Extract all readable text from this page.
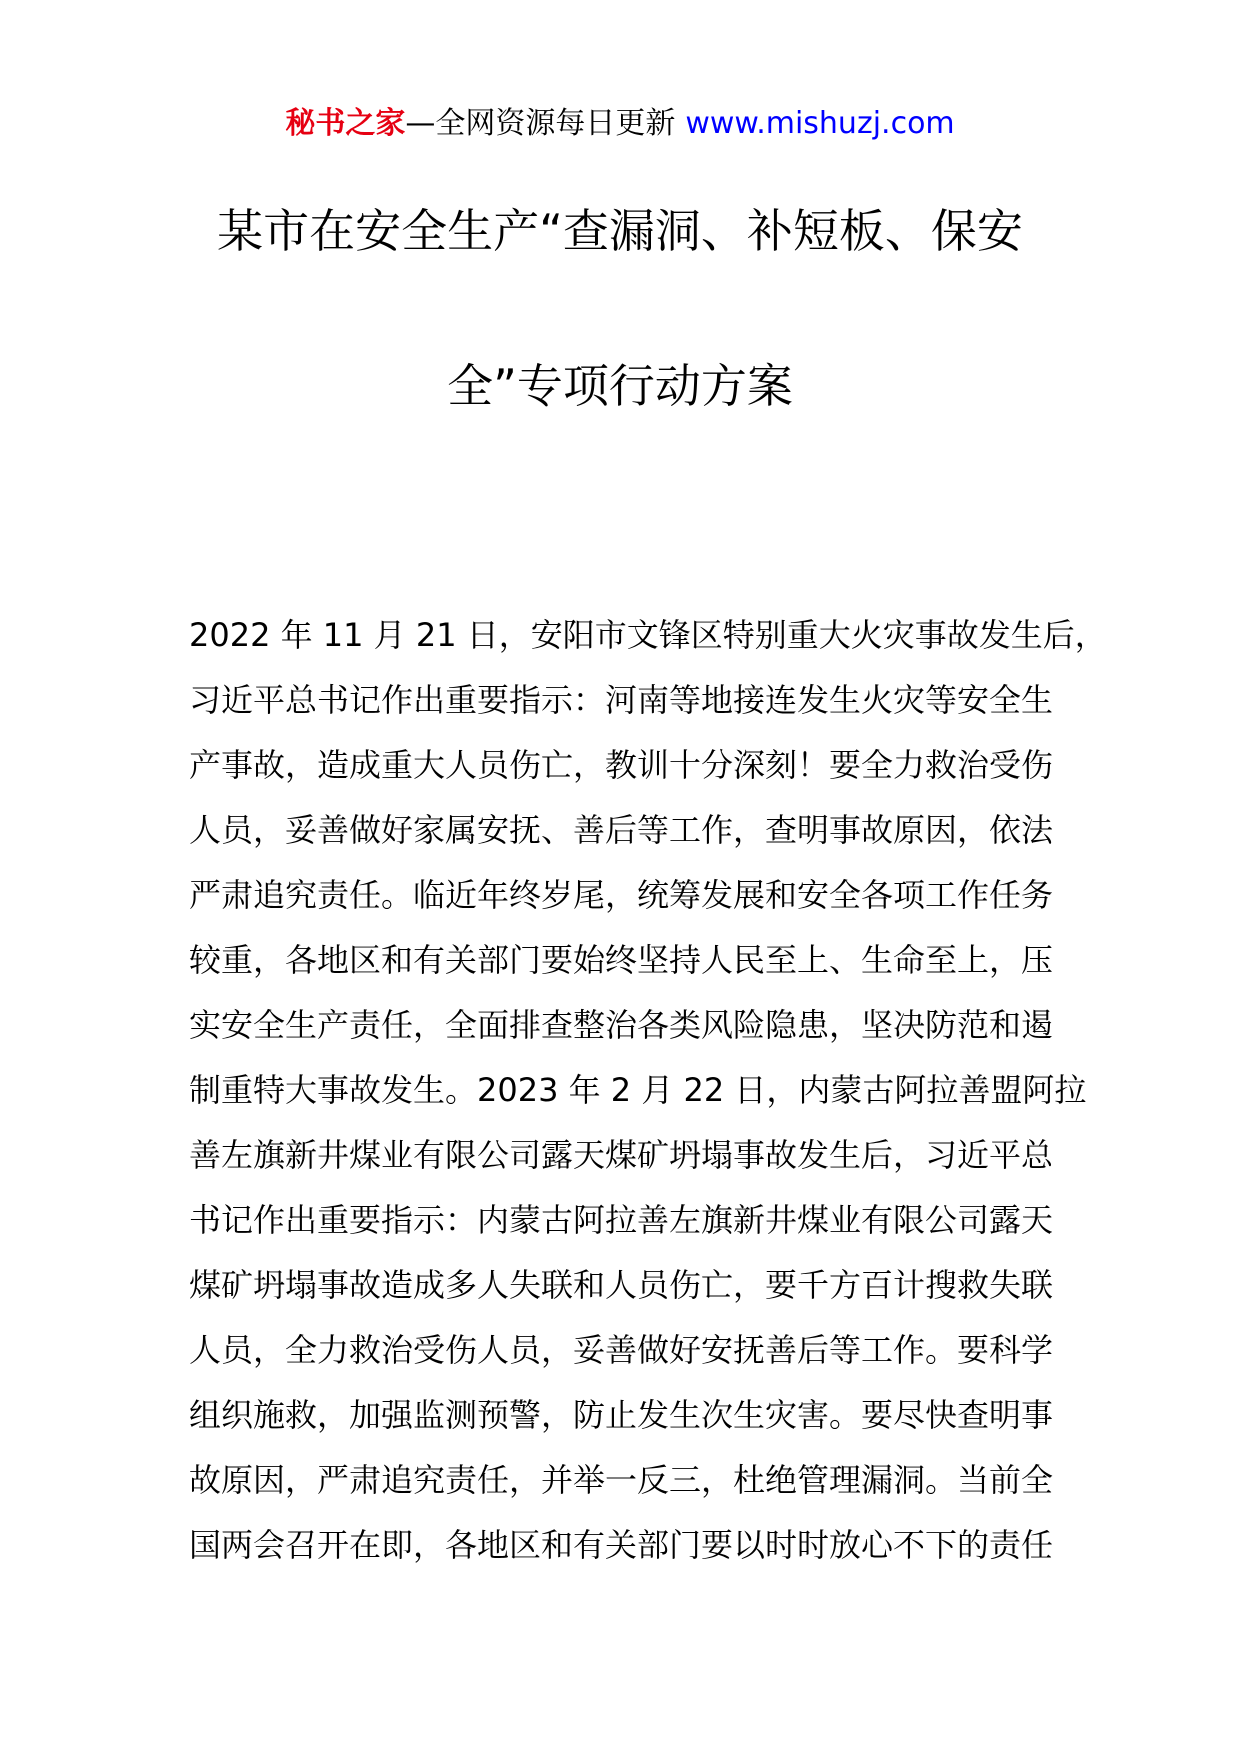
秘书之家—全网资源每日更新 www.mishuzj.com
某市在安全生产“查漏洞、补短板、保安
全”专项行动方案
2022 年 11 月 21 日，安阳市文锋区特别重大火灾事故发生后，
习近平总书记作出重要指示：河南等地接连发生火灾等安全生
产事故，造成重大人员伤亡，教训十分深刻！要全力救治受伤
人员，妥善做好家属安抚、善后等工作，查明事故原因，依法
严肃追究责任。临近年终岁尾，统筹发展和安全各项工作任务
较重，各地区和有关部门要始终坚持人民至上、生命至上，压
实安全生产责任，全面排查整治各类风险隐患，坚决防范和遏
制重特大事故发生。2023 年 2 月 22 日，内蒙古阿拉善盟阿拉
善左旗新井煤业有限公司露天煤矿坍塌事故发生后，习近平总
书记作出重要指示：内蒙古阿拉善左旗新井煤业有限公司露天
煤矿坍塌事故造成多人失联和人员伤亡，要千方百计搜救失联
人员，全力救治受伤人员，妥善做好安抚善后等工作。要科学
组织施救，加强监测预警，防止发生次生灾害。要尽快查明事
故原因，严肃追究责任，并举一反三，杜绝管理漏洞。当前全
国两会召开在即，各地区和有关部门要以时时放心不下的责任
